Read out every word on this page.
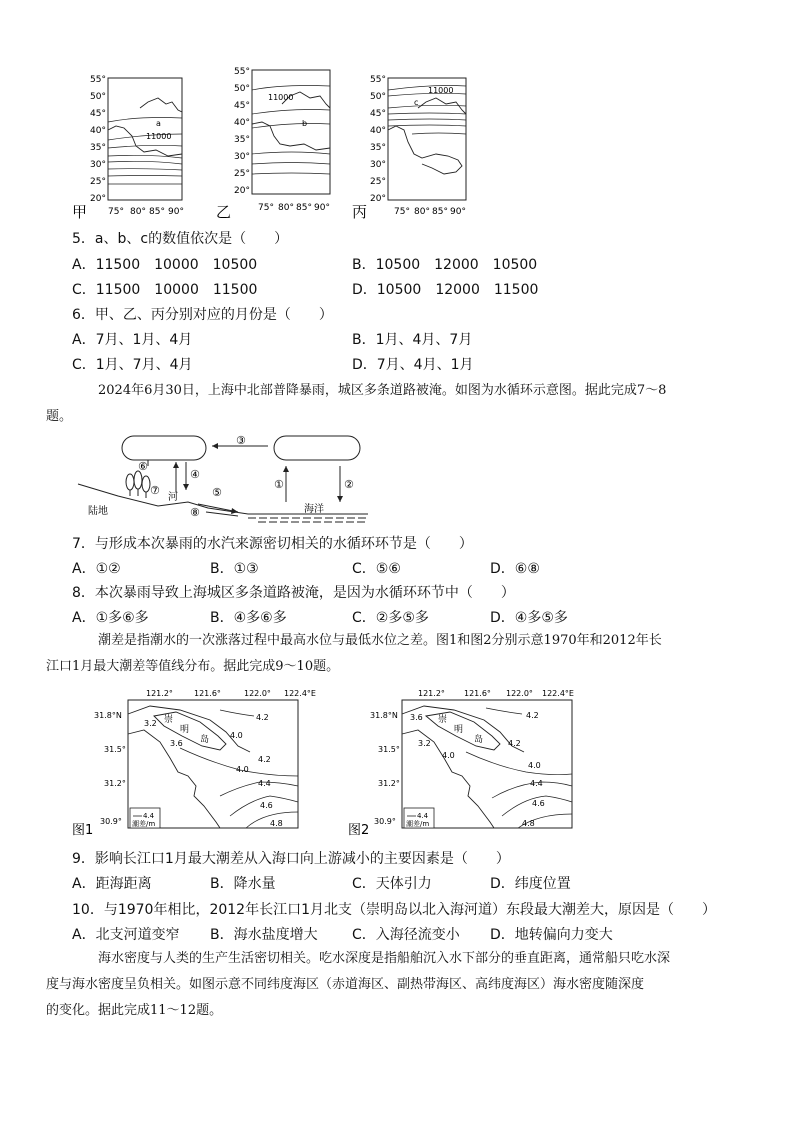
甲
55°
50°
45°
40°
35°
30°
25°
20°
a
11000
75° 80° 85° 90° 乙
55°
50°
45°
40°
35°
30°
25°
20°
11000
b
75° 80° 85° 90° 丙
55°
50°
45°
40°
35°
30°
25°
20°
11000
c
75° 80° 85° 90°
5．a、b、c的数值依次是（　　）
A．11500　10000　10500	B．10500　12000　10500
C．11500　10000　11500	D．10500　12000　11500
6．甲、乙、丙分别对应的月份是（　　）
A．7月、1月、4月	B．1月、4月、7月
C．1月、7月、4月	D．7月、4月、1月
2024年6月30日，上海中北部普降暴雨，城区多条道路被淹。如图为水循环示意图。据此完成7～8
题。
③
⑥
④
⑦
河	⑤
⑧
①	②
陆地	海洋
7．与形成本次暴雨的水汽来源密切相关的水循环环节是（　　）
A．①②	B．①③	C．⑤⑥	D．⑥⑧
8．本次暴雨导致上海城区多条道路被淹，是因为水循环环节中（　　）
A．①多⑥多	B．④多⑥多	C．②多⑤多	D．④多⑤多
潮差是指潮水的一次涨落过程中最高水位与最低水位之差。图1和图2分别示意1970年和2012年长
江口1月最大潮差等值线分布。据此完成9～10题。
图1
121.2°	121.6°	122.0° 122.4°E
31.8°N
31.5°
31.2°
30.9°
崇
明
岛
4.2
3.2
3.6
4.0
4.0
4.2
4.4
4.6
4.8
4.4
潮差/m	图2
121.2° 121.6° 122.0° 122.4°E
31.8°N
31.5°
31.2°
30.9°
崇
明
岛
4.2
3.6
3.2
4.0
4.2
4.0
4.4
4.6
4.8
4.4
潮差/m
9．影响长江口1月最大潮差从入海口向上游减小的主要因素是（　　）
A．距海距离	B．降水量	C．天体引力	D．纬度位置
10．与1970年相比，2012年长江口1月北支（崇明岛以北入海河道）东段最大潮差大，原因是（　　）
A．北支河道变窄 B．海水盐度增大 C．入海径流变小 D．地转偏向力变大
海水密度与人类的生产生活密切相关。吃水深度是指船舶沉入水下部分的垂直距离，通常船只吃水深
度与海水密度呈负相关。如图示意不同纬度海区（赤道海区、副热带海区、高纬度海区）海水密度随深度
的变化。据此完成11～12题。
